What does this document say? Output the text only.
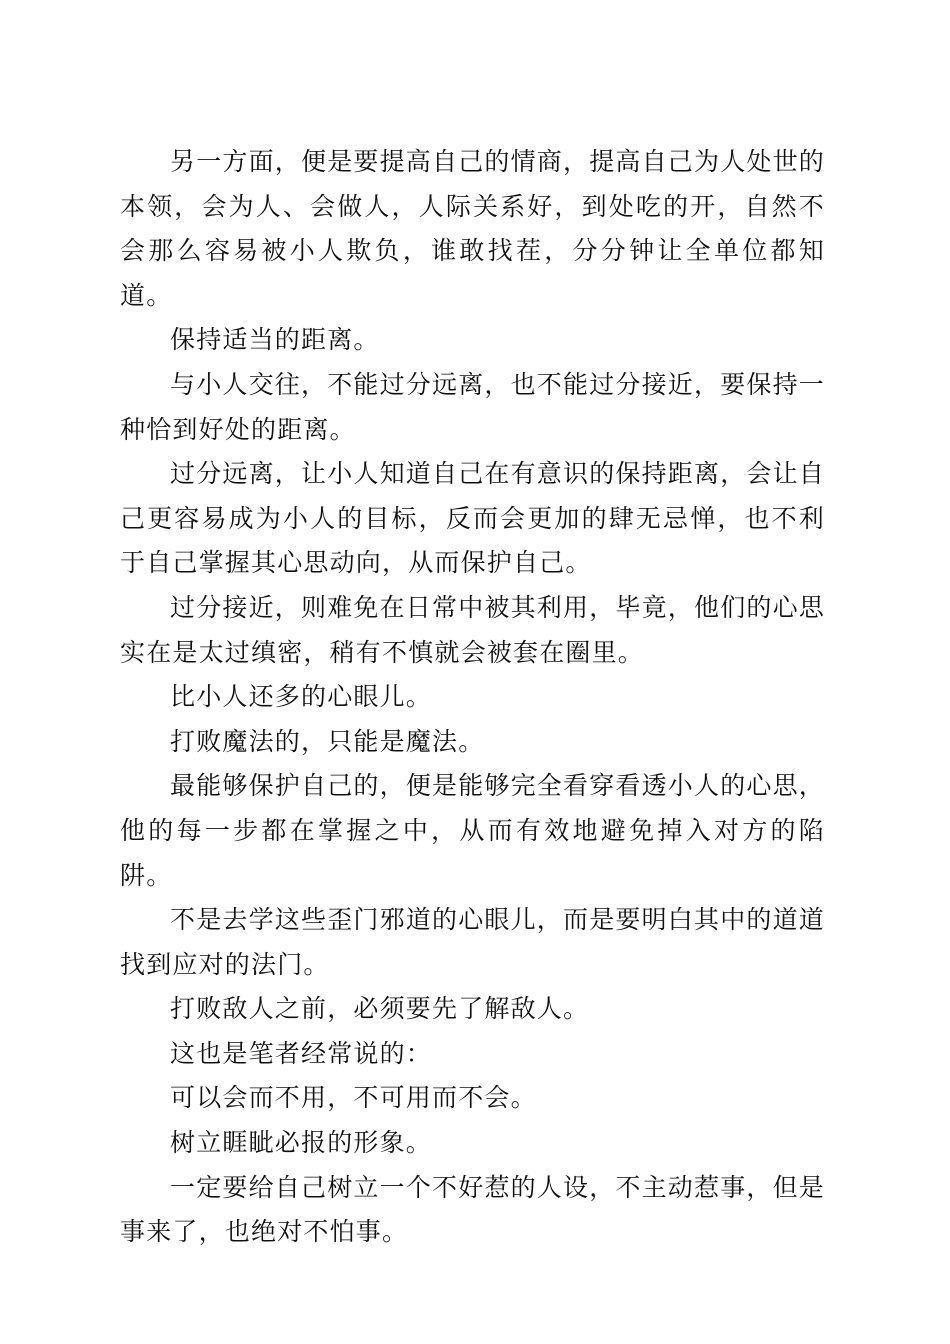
另一方面，便是要提高自己的情商，提高自己为人处世的本领，会为人、会做人，人际关系好，到处吃的开，自然不会那么容易被小人欺负，谁敢找茬，分分钟让全单位都知道。

保持适当的距离。

与小人交往，不能过分远离，也不能过分接近，要保持一种恰到好处的距离。

过分远离，让小人知道自己在有意识的保持距离，会让自己更容易成为小人的目标，反而会更加的肆无忌惮，也不利于自己掌握其心思动向，从而保护自己。

过分接近，则难免在日常中被其利用，毕竟，他们的心思实在是太过缜密，稍有不慎就会被套在圈里。

比小人还多的心眼儿。

打败魔法的，只能是魔法。

最能够保护自己的，便是能够完全看穿看透小人的心思，他的每一步都在掌握之中，从而有效地避免掉入对方的陷阱。

不是去学这些歪门邪道的心眼儿，而是要明白其中的道道找到应对的法门。

打败敌人之前，必须要先了解敌人。

这也是笔者经常说的：

可以会而不用，不可用而不会。

树立睚眦必报的形象。

一定要给自己树立一个不好惹的人设，不主动惹事，但是事来了，也绝对不怕事。
